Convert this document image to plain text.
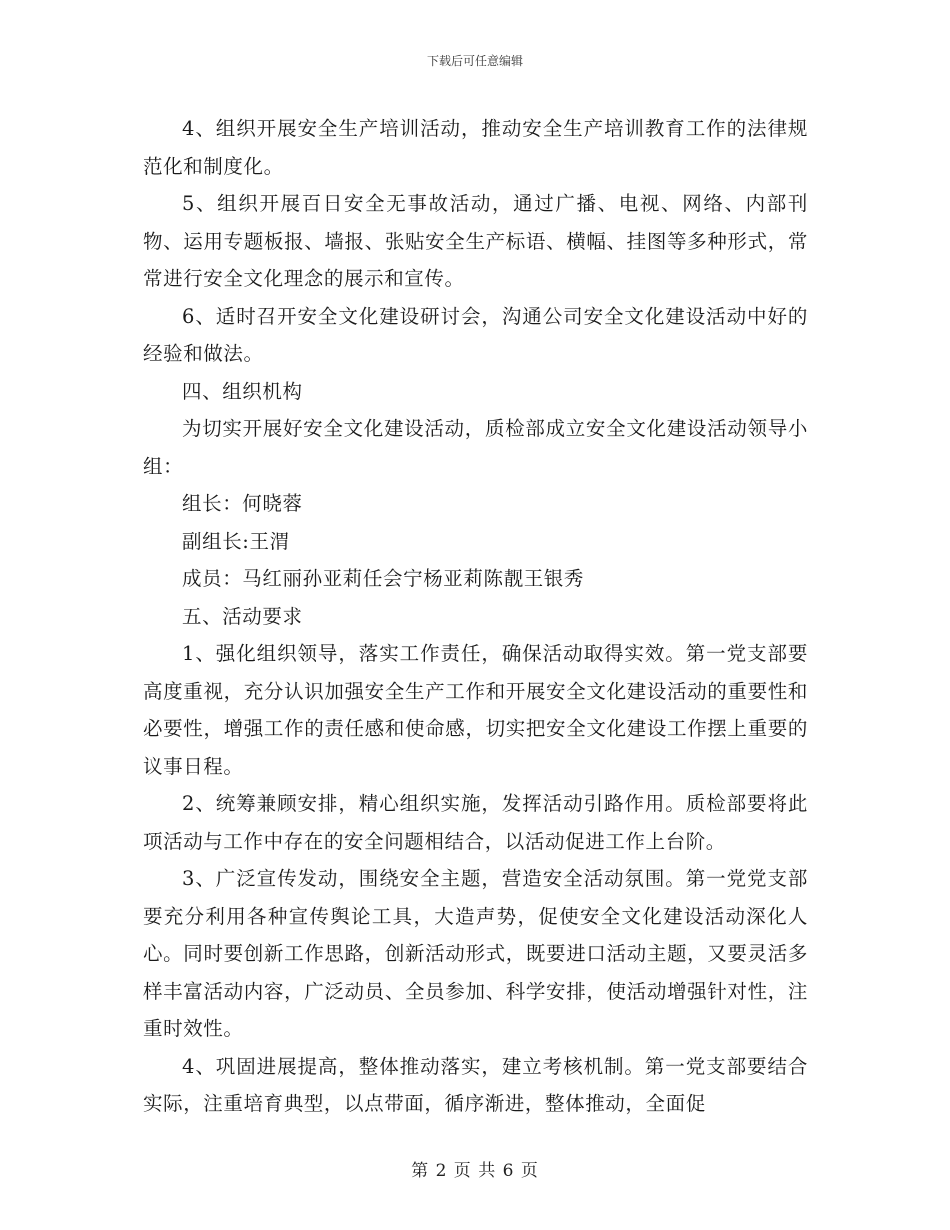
下载后可任意编辑

4、组织开展安全生产培训活动，推动安全生产培训教育工作的法律规范化和制度化。

5、组织开展百日安全无事故活动，通过广播、电视、网络、内部刊物、运用专题板报、墙报、张贴安全生产标语、横幅、挂图等多种形式，常常进行安全文化理念的展示和宣传。

6、适时召开安全文化建设研讨会，沟通公司安全文化建设活动中好的经验和做法。

四、组织机构

为切实开展好安全文化建设活动，质检部成立安全文化建设活动领导小组：

组长：何晓蓉

副组长:王渭

成员：马红丽孙亚莉任会宁杨亚莉陈靓王银秀

五、活动要求

1、强化组织领导，落实工作责任，确保活动取得实效。第一党支部要高度重视，充分认识加强安全生产工作和开展安全文化建设活动的重要性和必要性，增强工作的责任感和使命感，切实把安全文化建设工作摆上重要的议事日程。

2、统筹兼顾安排，精心组织实施，发挥活动引路作用。质检部要将此项活动与工作中存在的安全问题相结合，以活动促进工作上台阶。

3、广泛宣传发动，围绕安全主题，营造安全活动氛围。第一党党支部要充分利用各种宣传舆论工具，大造声势，促使安全文化建设活动深化人心。同时要创新工作思路，创新活动形式，既要进口活动主题，又要灵活多样丰富活动内容，广泛动员、全员参加、科学安排，使活动增强针对性，注重时效性。

4、巩固进展提高，整体推动落实，建立考核机制。第一党支部要结合实际，注重培育典型，以点带面，循序渐进，整体推动，全面促

第 2 页 共 6 页
